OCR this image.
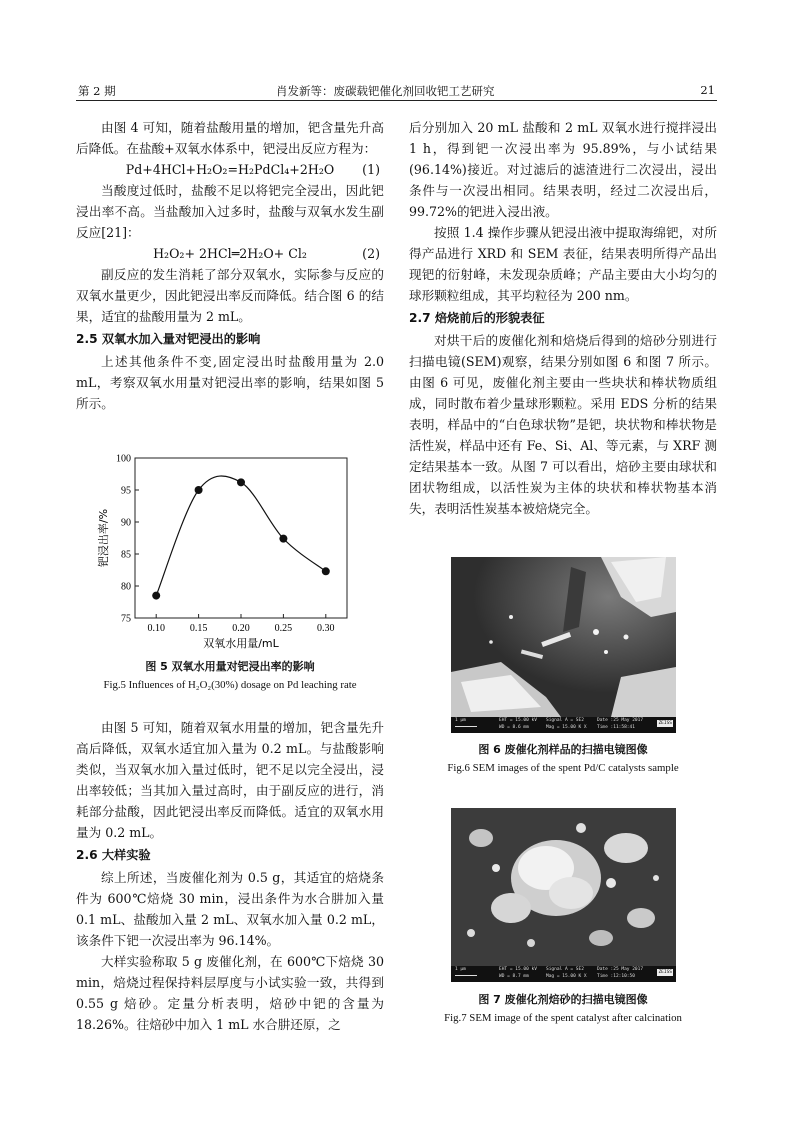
第 2 期	肖发新等：废碳载钯催化剂回收钯工艺研究	21

由图 4 可知，随着盐酸用量的增加，钯含量先升高后降低。在盐酸+双氧水体系中，钯浸出反应方程为：

Pd+4HCl+H₂O₂=H₂PdCl₄+2H₂O (1)

当酸度过低时，盐酸不足以将钯完全浸出，因此钯浸出率不高。当盐酸加入过多时，盐酸与双氧水发生副反应[21]：

H₂O₂+ 2HCl═2H₂O+ Cl₂	(2)

副反应的发生消耗了部分双氧水，实际参与反应的双氧水量更少，因此钯浸出率反而降低。结合图 6 的结果，适宜的盐酸用量为 2 mL。

2.5 双氧水加入量对钯浸出的影响

上述其他条件不变,固定浸出时盐酸用量为 2.0 mL，考察双氧水用量对钯浸出率的影响，结果如图 5 所示。

0.10 0.15 0.20 0.25 0.30
75
80
85
90
95
100
双氧水用量/mL
钯浸出率/%
图 5 双氧水用量对钯浸出率的影响
Fig.5 Influences of H₂O₂(30%) dosage on Pd leaching rate

由图 5 可知，随着双氧水用量的增加，钯含量先升高后降低，双氧水适宜加入量为 0.2 mL。与盐酸影响类似，当双氧水加入量过低时，钯不足以完全浸出，浸出率较低；当其加入量过高时，由于副反应的进行，消耗部分盐酸，因此钯浸出率反而降低。适宜的双氧水用量为 0.2 mL。

2.6 大样实验

综上所述，当废催化剂为 0.5 g，其适宜的焙烧条件为 600℃焙烧 30 min，浸出条件为水合肼加入量 0.1 mL、盐酸加入量 2 mL、双氧水加入量 0.2 mL，该条件下钯一次浸出率为 96.14%。

大样实验称取 5 g 废催化剂，在 600℃下焙烧 30 min，焙烧过程保持料层厚度与小试实验一致，共得到 0.55 g 焙砂。定量分析表明，焙砂中钯的含量为 18.26%。往焙砂中加入 1 mL 水合肼还原，之

后分别加入 20 mL 盐酸和 2 mL 双氧水进行搅拌浸出 1 h，得到钯一次浸出率为 95.89%，与小试结果(96.14%)接近。对过滤后的滤渣进行二次浸出，浸出条件与一次浸出相同。结果表明，经过二次浸出后，99.72%的钯进入浸出液。

按照 1.4 操作步骤从钯浸出液中提取海绵钯，对所得产品进行 XRD 和 SEM 表征，结果表明所得产品出现钯的衍射峰，未发现杂质峰；产品主要由大小均匀的球形颗粒组成，其平均粒径为 200 nm。

2.7 焙烧前后的形貌表征

对烘干后的废催化剂和焙烧后得到的焙砂分别进行扫描电镜(SEM)观察，结果分别如图 6 和图 7 所示。由图 6 可见，废催化剂主要由一些块状和棒状物质组成，同时散布着少量球形颗粒。采用 EDS 分析的结果表明，样品中的“白色球状物”是钯，块状物和棒状物是活性炭，样品中还有 Fe、Si、Al、等元素，与 XRF 测定结果基本一致。从图 7 可以看出，焙砂主要由球状和团状物组成，以活性炭为主体的块状和棒状物基本消失，表明活性炭基本被焙烧完全。

1 μm	EHT = 15.00 kV
WD = 8.6 mm
Signal A = SE2
Mag = 15.00 K X
Date :25 May 2017
Time :11:58:41
ZEISS
图 6 废催化剂样品的扫描电镜图像
Fig.6 SEM images of the spent Pd/C catalysts sample
1 μm	EHT = 15.00 kV
WD = 8.7 mm
Signal A = SE2
Mag = 15.00 K X
Date :25 May 2017
Time :12:10:50
ZEISS
图 7 废催化剂焙砂的扫描电镜图像
Fig.7 SEM image of the spent catalyst after calcination
